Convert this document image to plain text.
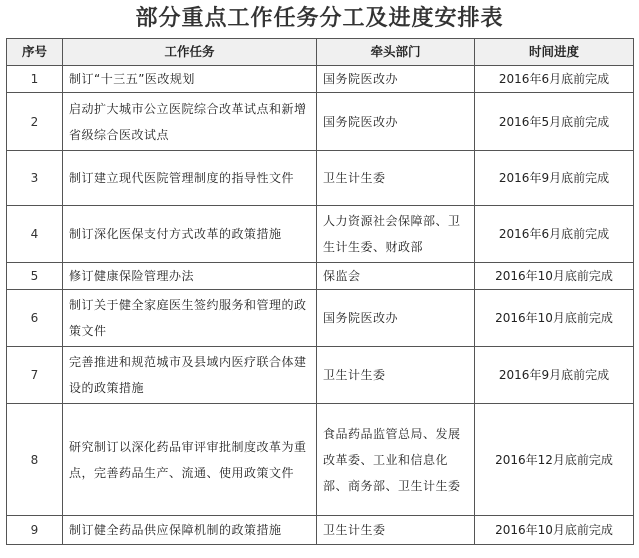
部分重点工作任务分工及进度安排表
序号	工作任务	牵头部门	时间进度
1	制订“十三五”医改规划	国务院医改办	2016年6月底前完成
2	启动扩大城市公立医院综合改革试点和新增省级综合医改试点	国务院医改办	2016年5月底前完成
3	制订建立现代医院管理制度的指导性文件	卫生计生委	2016年9月底前完成
4	制订深化医保支付方式改革的政策措施	人力资源社会保障部、卫生计生委、财政部	2016年6月底前完成
5	修订健康保险管理办法	保监会	2016年10月底前完成
6	制订关于健全家庭医生签约服务和管理的政策文件	国务院医改办	2016年10月底前完成
7	完善推进和规范城市及县域内医疗联合体建设的政策措施	卫生计生委	2016年9月底前完成
8	研究制订以深化药品审评审批制度改革为重点，完善药品生产、流通、使用政策文件	食品药品监管总局、发展改革委、工业和信息化部、商务部、卫生计生委	2016年12月底前完成
9	制订健全药品供应保障机制的政策措施	卫生计生委	2016年10月底前完成
